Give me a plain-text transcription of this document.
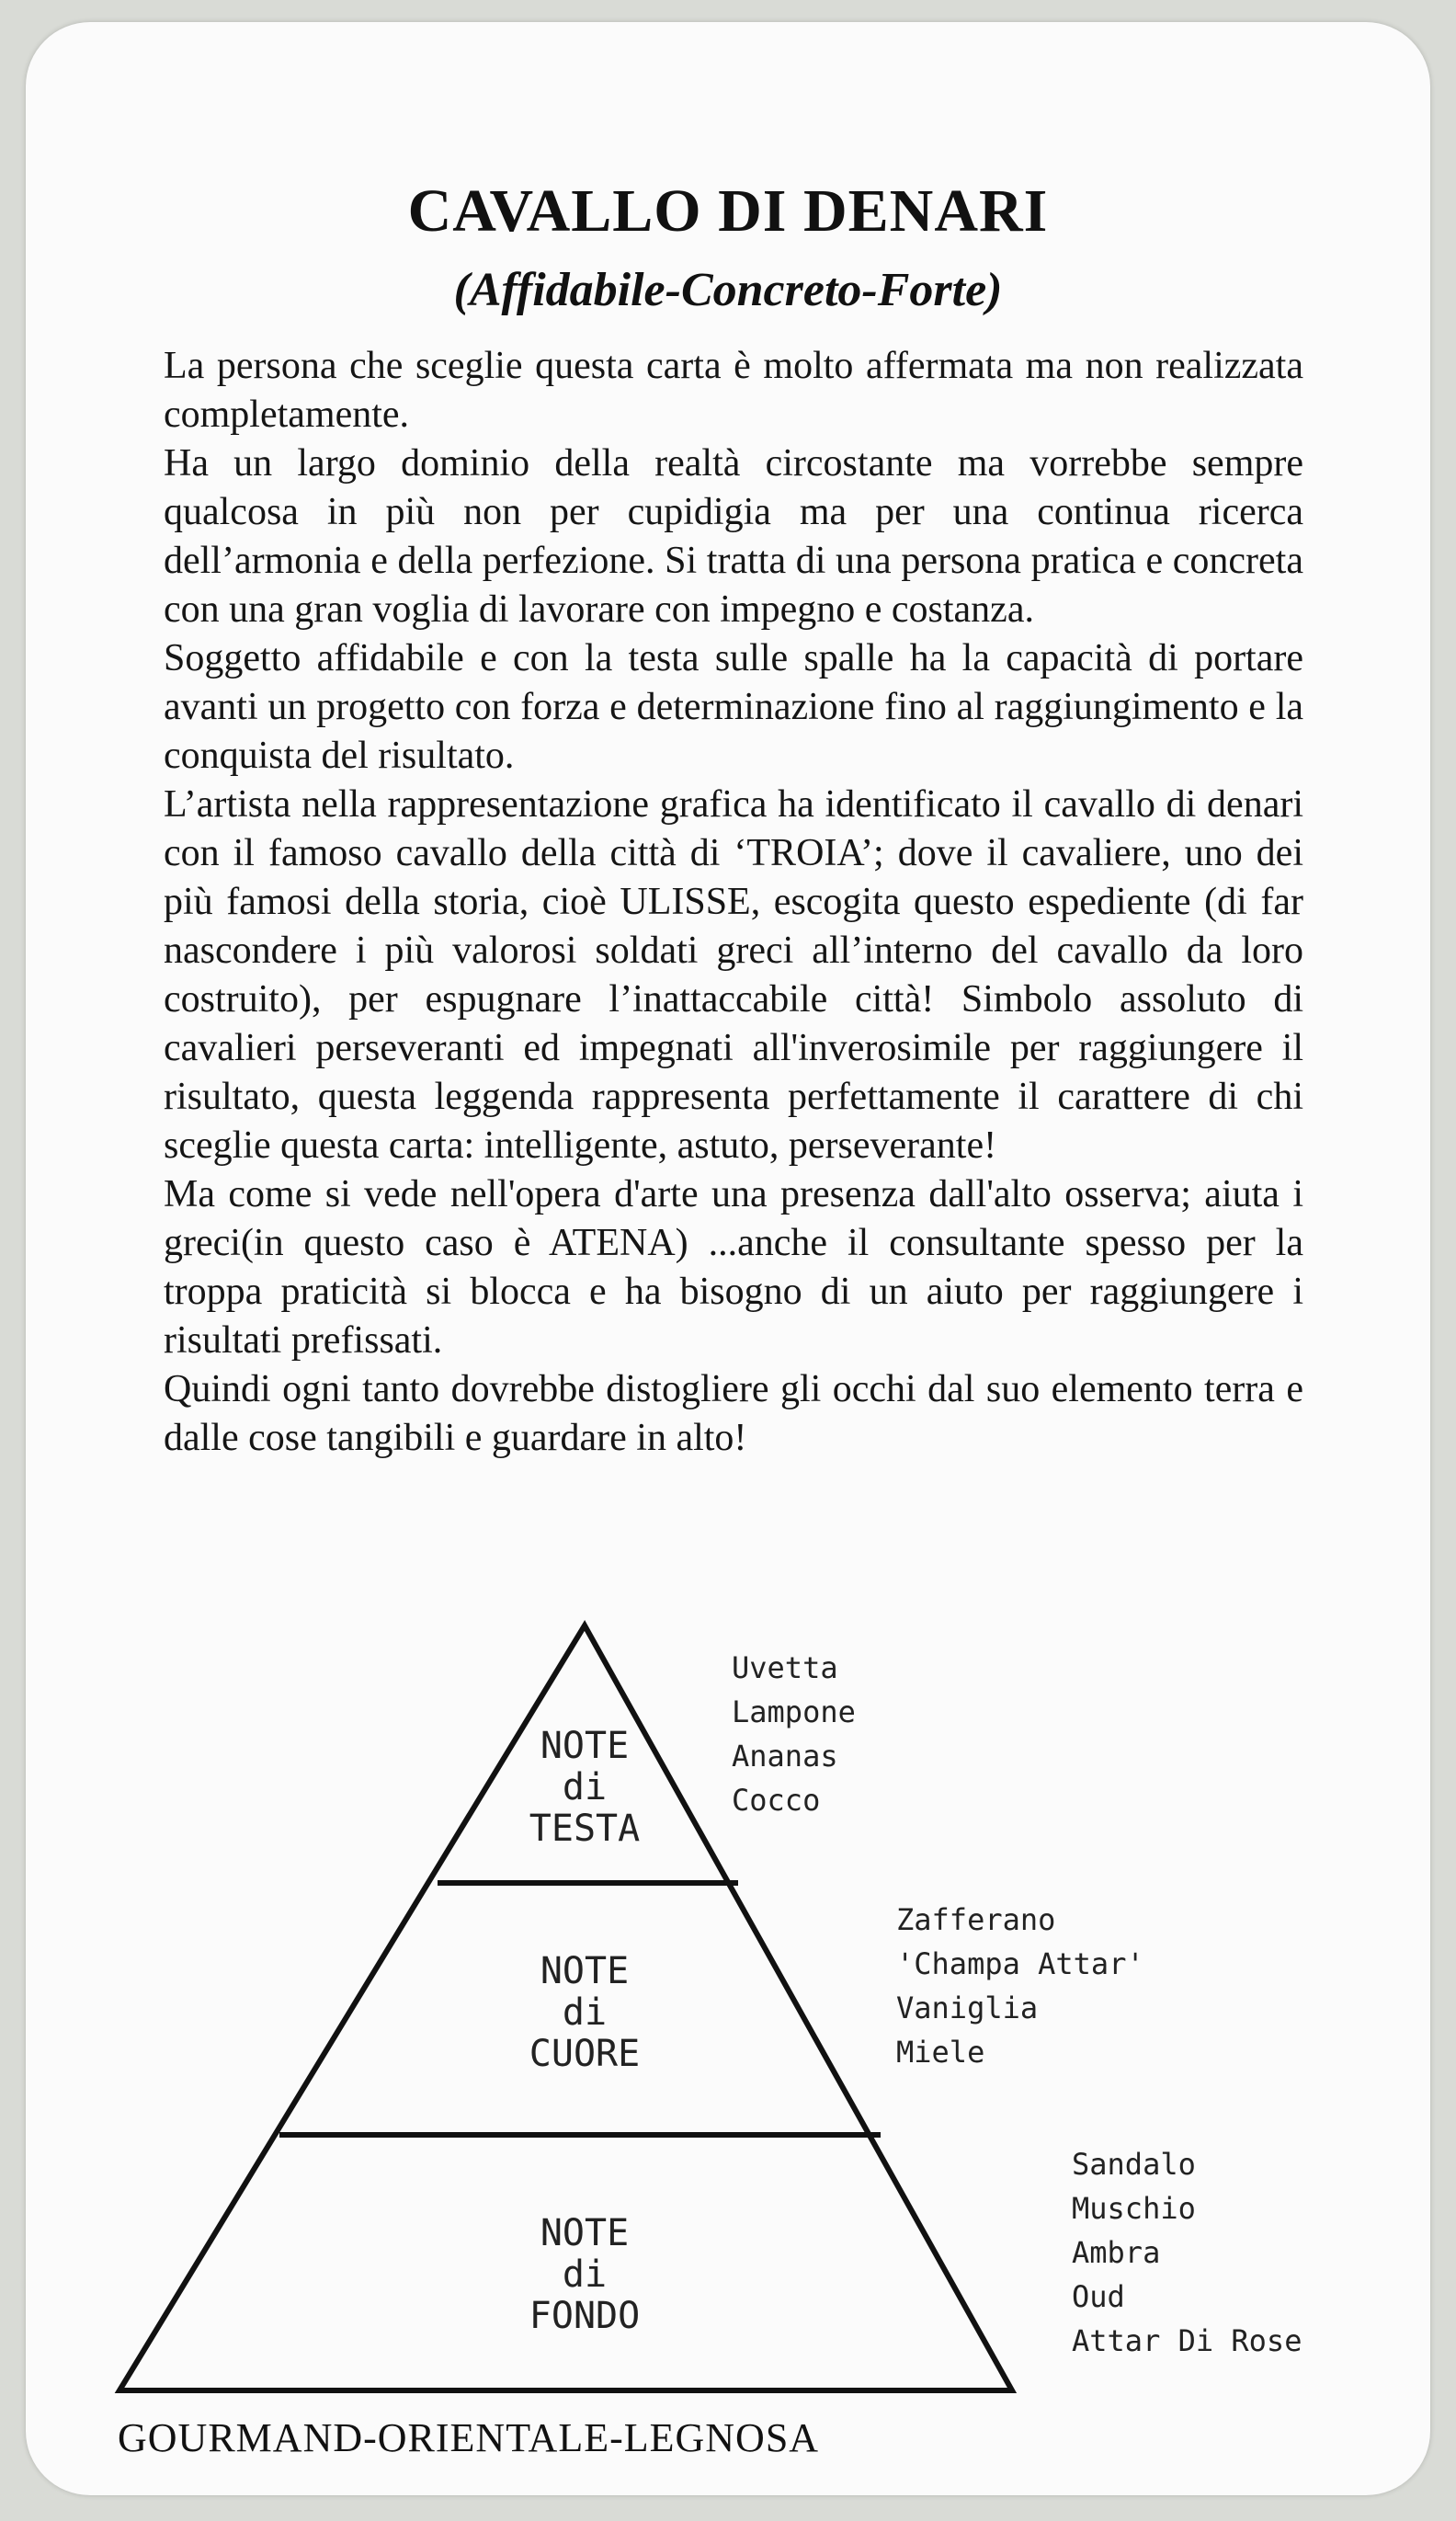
CAVALLO DI DENARI
(Affidabile-Concreto-Forte)

La persona che sceglie questa carta è molto affermata ma non realizzata completamente.

Ha un largo dominio della realtà circostante ma vorrebbe sempre qualcosa in più non per cupidigia ma per una continua ricerca dell’armonia e della perfezione. Si tratta di una persona pratica e concreta con una gran voglia di lavorare con impegno e costanza.

Soggetto affidabile e con la testa sulle spalle ha la capacità di portare avanti un progetto con forza e determinazione fino al raggiungimento e la conquista del risultato.

L’artista nella rappresentazione grafica ha identificato il cavallo di denari con il famoso cavallo della città di ‘TROIA’; dove il cavaliere, uno dei più famosi della storia, cioè ULISSE, escogita questo espediente (di far nascondere i più valorosi soldati greci all’interno del cavallo da loro costruito), per espugnare l’inattaccabile città! Simbolo assoluto di cavalieri perseveranti ed impegnati all'inverosimile per raggiungere il risultato, questa leggenda rappresenta perfettamente il carattere di chi sceglie questa carta: intelligente, astuto, perseverante!

Ma come si vede nell'opera d'arte una presenza dall'alto osserva; aiuta i greci(in questo caso è ATENA) ...anche il consultante spesso per la troppa praticità si blocca e ha bisogno di un aiuto per raggiungere i risultati prefissati.

Quindi ogni tanto dovrebbe distogliere gli occhi dal suo elemento terra e dalle cose tangibili e guardare in alto!

NOTE
di
TESTA
Uvetta
Lampone
Ananas
Cocco
NOTE
di
CUORE
Zafferano
'Champa Attar'
Vaniglia
Miele
NOTE
di
FONDO
Sandalo
Muschio
Ambra
Oud
Attar Di Rose

GOURMAND-ORIENTALE-LEGNOSA
